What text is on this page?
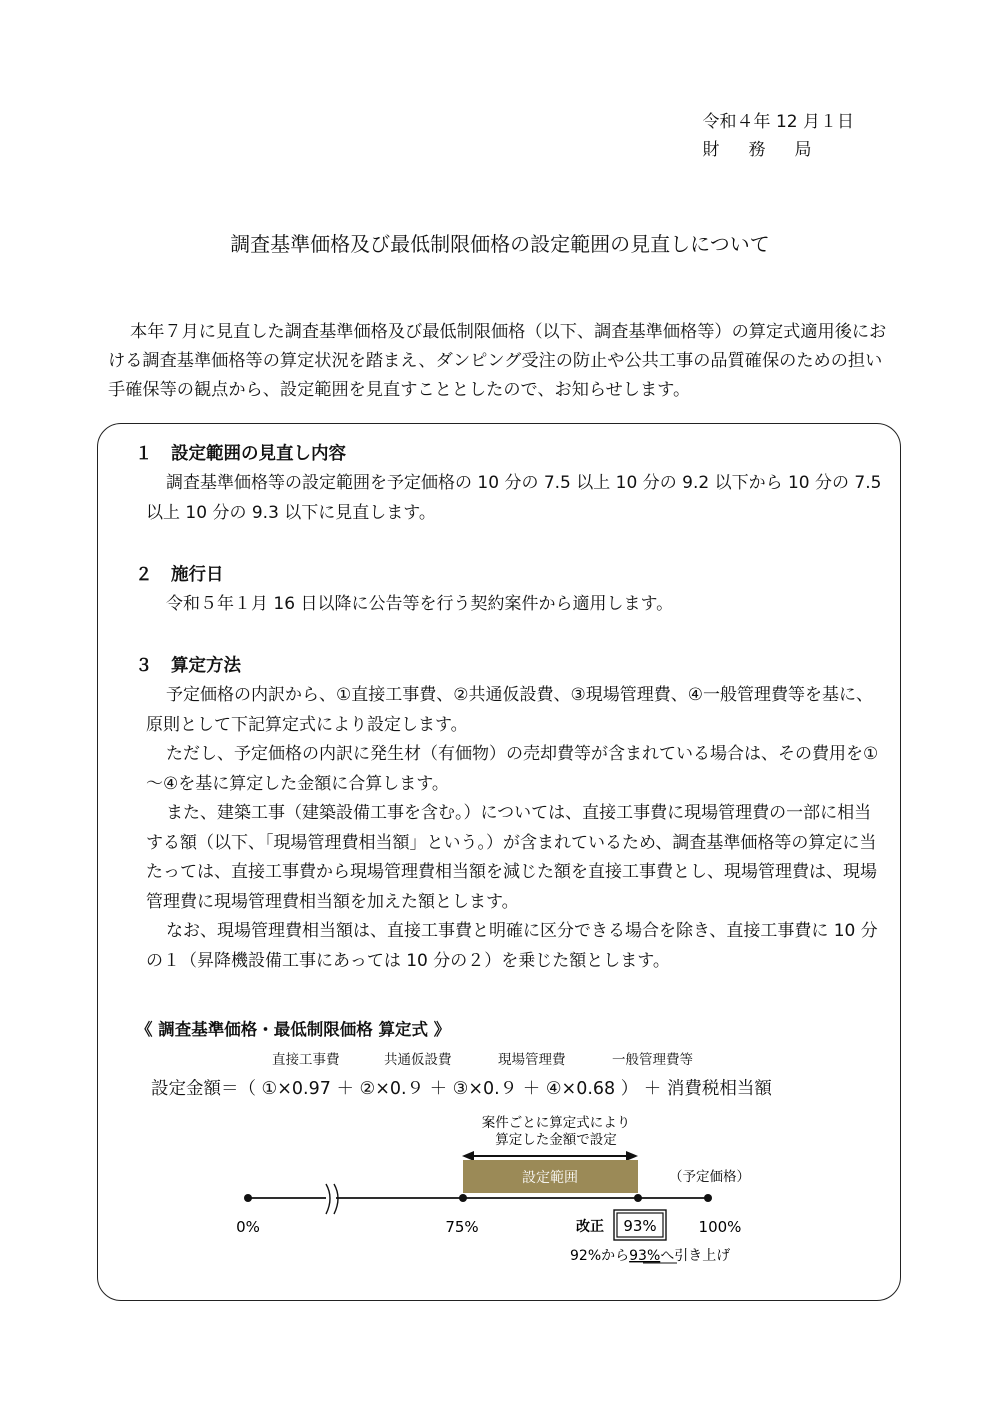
令和４年 12 月１日
財務局
調査基準価格及び最低制限価格の設定範囲の見直しについて
本年７月に見直した調査基準価格及び最低制限価格（以下、調査基準価格等）の算定式適用後における調査基準価格等の算定状況を踏まえ、ダンピング受注の防止や公共工事の品質確保のための担い手確保等の観点から、設定範囲を見直すこととしたので、お知らせします。
１ 設定範囲の見直し内容

調査基準価格等の設定範囲を予定価格の 10 分の 7.5 以上 10 分の 9.2 以下から 10 分の 7.5 以上 10 分の 9.3 以下に見直します。

２ 施行日

令和５年１月 16 日以降に公告等を行う契約案件から適用します。

３ 算定方法

予定価格の内訳から、①直接工事費、②共通仮設費、③現場管理費、④一般管理費等を基に、原則として下記算定式により設定します。

ただし、予定価格の内訳に発生材（有価物）の売却費等が含まれている場合は、その費用を①～④を基に算定した金額に合算します。

また、建築工事（建築設備工事を含む。）については、直接工事費に現場管理費の一部に相当する額（以下、「現場管理費相当額」という。）が含まれているため、調査基準価格等の算定に当たっては、直接工事費から現場管理費相当額を減じた額を直接工事費とし、現場管理費は、現場管理費に現場管理費相当額を加えた額とします。

なお、現場管理費相当額は、直接工事費と明確に区分できる場合を除き、直接工事費に 10 分の１（昇降機設備工事にあっては 10 分の２）を乗じた額とします。

《 調査基準価格・最低制限価格 算定式 》
直接工事費	共通仮設費	現場管理費	一般管理費等
設定金額＝（ ①×0.97 ＋ ②×0.９ ＋ ③×0.９ ＋ ④×0.68 ） ＋ 消費税相当額
案件ごとに算定式により
算定した金額で設定
設定範囲	（予定価格）
0%	75%	改正 93%	100%
92%から93%へ引き上げ
